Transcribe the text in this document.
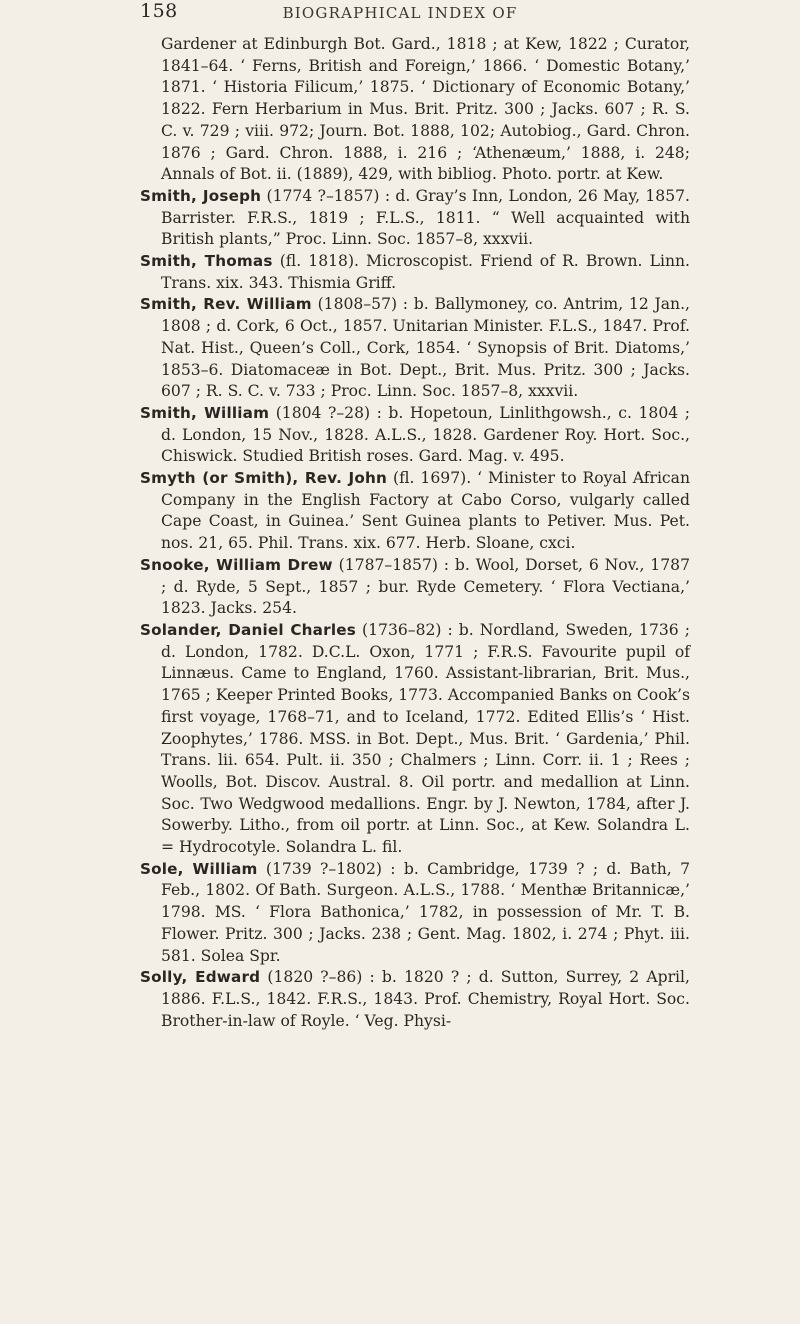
158	BIOGRAPHICAL INDEX OF

Gardener at Edinburgh Bot. Gard., 1818 ; at Kew, 1822 ; Curator, 1841–64. ‘ Ferns, British and Foreign,’ 1866. ‘ Domestic Botany,’ 1871. ‘ Historia Filicum,’ 1875. ‘ Dictionary of Economic Botany,’ 1822. Fern Herbarium in Mus. Brit. Pritz. 300 ; Jacks. 607 ; R. S. C. v. 729 ; viii. 972; Journ. Bot. 1888, 102; Autobiog., Gard. Chron. 1876 ; Gard. Chron. 1888, i. 216 ; ‘Athenæum,’ 1888, i. 248; Annals of Bot. ii. (1889), 429, with bibliog. Photo. portr. at Kew.

Smith, Joseph (1774 ?–1857) : d. Gray’s Inn, London, 26 May, 1857. Barrister. F.R.S., 1819 ; F.L.S., 1811. “ Well acquainted with British plants,” Proc. Linn. Soc. 1857–8, xxxvii.

Smith, Thomas (fl. 1818). Microscopist. Friend of R. Brown. Linn. Trans. xix. 343. Thismia Griff.

Smith, Rev. William (1808–57) : b. Ballymoney, co. Antrim, 12 Jan., 1808 ; d. Cork, 6 Oct., 1857. Unitarian Minister. F.L.S., 1847. Prof. Nat. Hist., Queen’s Coll., Cork, 1854. ‘ Synopsis of Brit. Diatoms,’ 1853–6. Diatomaceæ in Bot. Dept., Brit. Mus. Pritz. 300 ; Jacks. 607 ; R. S. C. v. 733 ; Proc. Linn. Soc. 1857–8, xxxvii.

Smith, William (1804 ?–28) : b. Hopetoun, Linlithgowsh., c. 1804 ; d. London, 15 Nov., 1828. A.L.S., 1828. Gardener Roy. Hort. Soc., Chiswick. Studied British roses. Gard. Mag. v. 495.

Smyth (or Smith), Rev. John (fl. 1697). ‘ Minister to Royal African Company in the English Factory at Cabo Corso, vulgarly called Cape Coast, in Guinea.’ Sent Guinea plants to Petiver. Mus. Pet. nos. 21, 65. Phil. Trans. xix. 677. Herb. Sloane, cxci.

Snooke, William Drew (1787–1857) : b. Wool, Dorset, 6 Nov., 1787 ; d. Ryde, 5 Sept., 1857 ; bur. Ryde Cemetery. ‘ Flora Vectiana,’ 1823. Jacks. 254.

Solander, Daniel Charles (1736–82) : b. Nordland, Sweden, 1736 ; d. London, 1782. D.C.L. Oxon, 1771 ; F.R.S. Favourite pupil of Linnæus. Came to England, 1760. Assistant-librarian, Brit. Mus., 1765 ; Keeper Printed Books, 1773. Accompanied Banks on Cook’s first voyage, 1768–71, and to Iceland, 1772. Edited Ellis’s ‘ Hist. Zoophytes,’ 1786. MSS. in Bot. Dept., Mus. Brit. ‘ Gardenia,’ Phil. Trans. lii. 654. Pult. ii. 350 ; Chalmers ; Linn. Corr. ii. 1 ; Rees ; Woolls, Bot. Discov. Austral. 8. Oil portr. and medallion at Linn. Soc. Two Wedgwood medallions. Engr. by J. Newton, 1784, after J. Sowerby. Litho., from oil portr. at Linn. Soc., at Kew. Solandra L. = Hydrocotyle. Solandra L. fil.

Sole, William (1739 ?–1802) : b. Cambridge, 1739 ? ; d. Bath, 7 Feb., 1802. Of Bath. Surgeon. A.L.S., 1788. ‘ Menthæ Britannicæ,’ 1798. MS. ‘ Flora Bathonica,’ 1782, in possession of Mr. T. B. Flower. Pritz. 300 ; Jacks. 238 ; Gent. Mag. 1802, i. 274 ; Phyt. iii. 581. Solea Spr.

Solly, Edward (1820 ?–86) : b. 1820 ? ; d. Sutton, Surrey, 2 April, 1886. F.L.S., 1842. F.R.S., 1843. Prof. Chemistry, Royal Hort. Soc. Brother-in-law of Royle. ‘ Veg. Physi-
